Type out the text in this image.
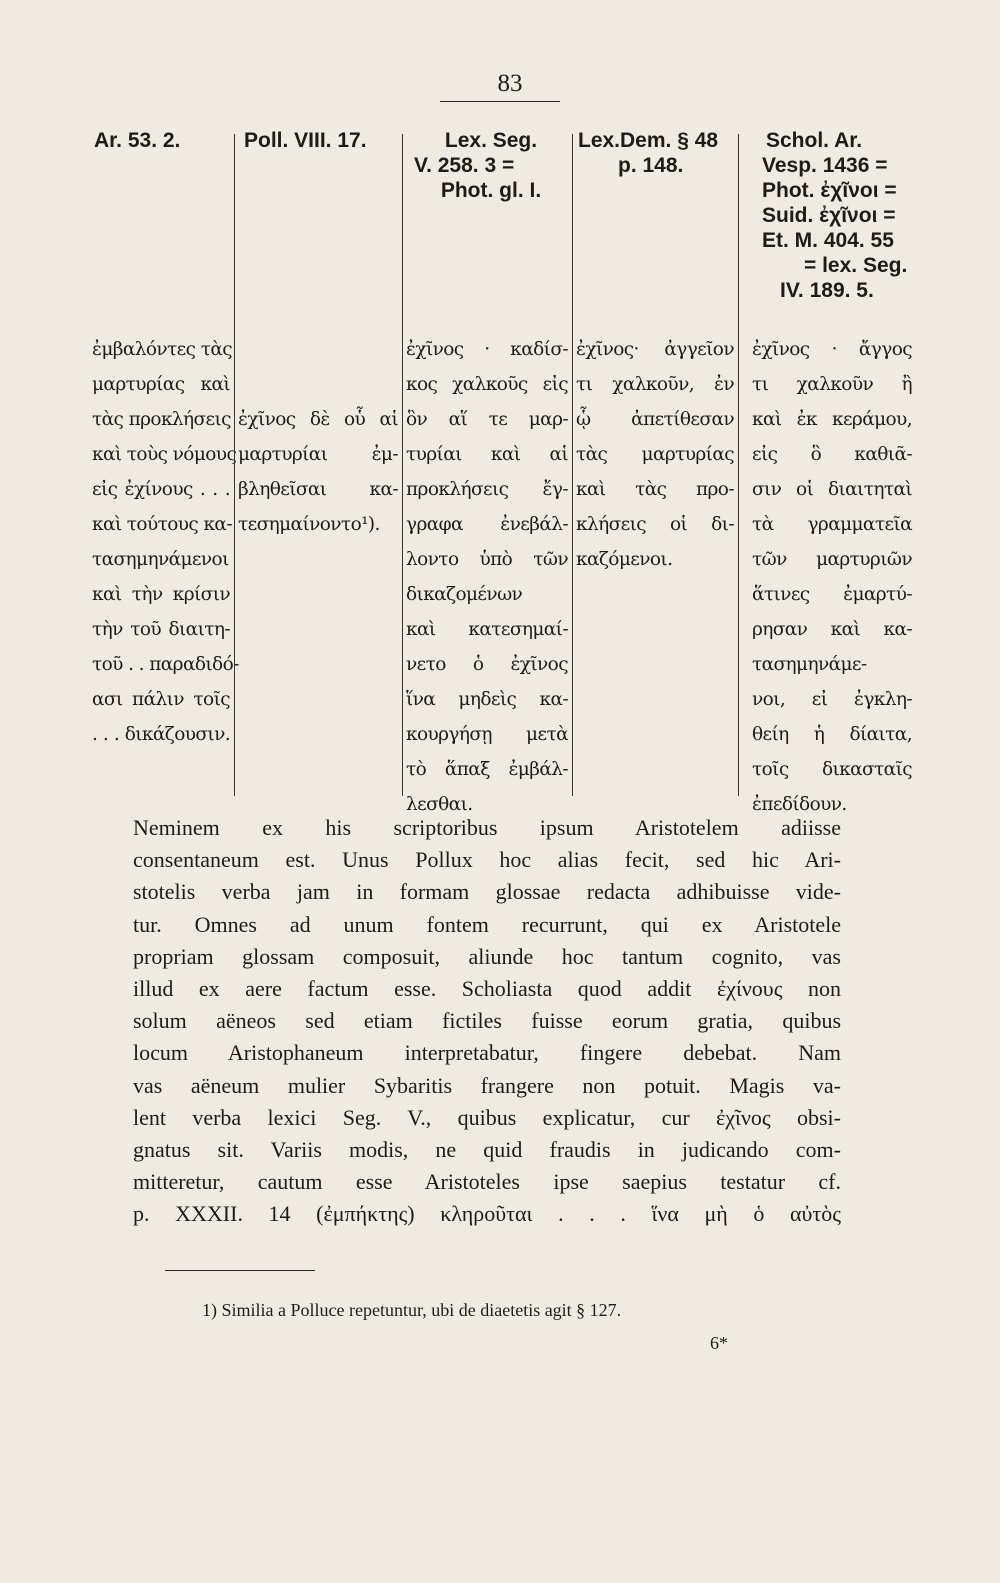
83
Ar. 53. 2.
ἐμβαλόντες τὰς
μαρτυρίας καὶ
τὰς προκλήσεις
καὶ τοὺς νόμους
εἰς ἐχίνους . . .
καὶ τούτους κα-
τασημηνάμενοι
καὶ τὴν κρίσιν
τὴν τοῦ διαιτη-
τοῦ . . παραδιδό-
ασι πάλιν τοῖς
. . . δικάζουσιν.
Poll. VIII. 17.
ἐχῖνος δὲ οὗ αἱ
μαρτυρίαι ἐμ-
βληθεῖσαι κα-
τεσημαίνοντο¹).
Lex. Seg.
V. 258. 3 =
Phot. gl. I.
ἐχῖνος · καδίσ-
κος χαλκοῦς εἰς
ὃν αἵ τε μαρ-
τυρίαι καὶ αἱ
προκλήσεις ἔγ-
γραφα ἐνεβάλ-
λοντο ὑπὸ τῶν
δικαζομένων
καὶ κατεσημαί-
νετο ὁ ἐχῖνος
ἵνα μηδεὶς κα-
κουργήσῃ μετὰ
τὸ ἅπαξ ἐμβάλ-
λεσθαι.
Lex.Dem. § 48
p. 148.
ἐχῖνος· ἀγγεῖον
τι χαλκοῦν, ἐν
ᾧ ἀπετίθεσαν
τὰς μαρτυρίας
καὶ τὰς προ-
κλήσεις οἱ δι-
καζόμενοι.
Schol. Ar.
Vesp. 1436 =
Phot. ἐχῖνοι =
Suid. ἐχῖνοι =
Et. M. 404. 55
= lex. Seg.
IV. 189. 5.
ἐχῖνος · ἄγγος
τι χαλκοῦν ἢ
καὶ ἐκ κεράμου,
εἰς ὃ καθιᾶ-
σιν οἱ διαιτηταὶ
τὰ γραμματεῖα
τῶν μαρτυριῶν
ἅτινες ἐμαρτύ-
ρησαν καὶ κα-
τασημηνάμε-
νοι, εἰ ἐγκλη-
θείη ἡ δίαιτα,
τοῖς δικασταῖς
ἐπεδίδουν.
Neminem ex his scriptoribus ipsum Aristotelem adiisse
consentaneum est. Unus Pollux hoc alias fecit, sed hic Ari-
stotelis verba jam in formam glossae redacta adhibuisse vide-
tur. Omnes ad unum fontem recurrunt, qui ex Aristotele
propriam glossam composuit, aliunde hoc tantum cognito, vas
illud ex aere factum esse. Scholiasta quod addit ἐχίνους non
solum aëneos sed etiam fictiles fuisse eorum gratia, quibus
locum Aristophaneum interpretabatur, fingere debebat. Nam
vas aëneum mulier Sybaritis frangere non potuit. Magis va-
lent verba lexici Seg. V., quibus explicatur, cur ἐχῖνος obsi-
gnatus sit. Variis modis, ne quid fraudis in judicando com-
mitteretur, cautum esse Aristoteles ipse saepius testatur cf.
p. XXXII. 14 (ἐμπήκτης) κληροῦται . . . ἵνα μὴ ὁ αὐτὸς
1) Similia a Polluce repetuntur, ubi de diaetetis agit § 127.
6*
